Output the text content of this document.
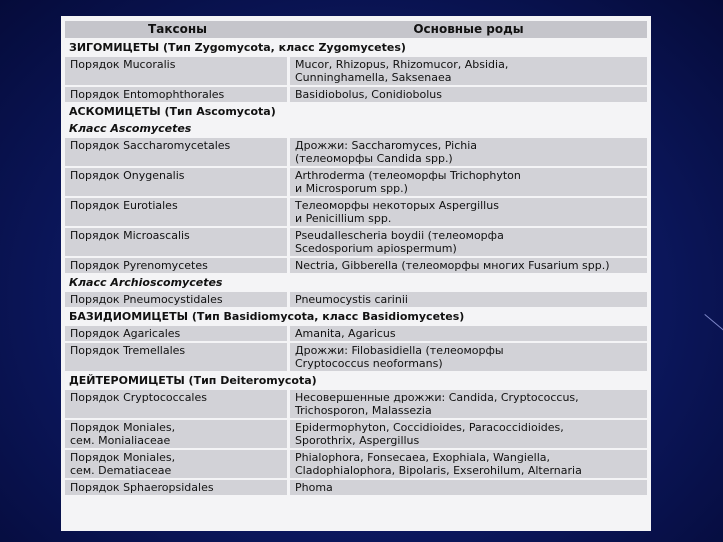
Таксоны	Основные роды
ЗИГОМИЦЕТЫ (Тип Zygomycota, класс Zygomycetes)	

Порядок Mucoralis	Mucor, Rhizopus, Rhizomucor, Absidia,
Cunninghamella, Saksenaea

Порядок Entomophthorales	Basidiobolus, Conidiobolus

АСКОМИЦЕТЫ (Тип Ascomycota)	
Класс Ascomycetes	

Порядок Saccharomycetales	Дрожжи: Saccharomyces, Pichia
(телеоморфы Candida spp.)

Порядок Onygenalis	Arthroderma (телеоморфы Trichophyton
и Microsporum spp.)

Порядок Eurotiales	Телеоморфы некоторых Aspergillus
и Penicillium spp.

Порядок Microascalis	Pseudallescheria boydii (телеоморфа
Scedosporium apiospermum)

Порядок Pyrenomycetes	Nectria, Gibberella (телеоморфы многих Fusarium spp.)

Класс Archioscomycetes	

Порядок Pneumocystidales	Pneumocystis carinii

БАЗИДИОМИЦЕТЫ (Тип Basidiomycota, класс Basidiomycetes)	

Порядок Agaricales	Amanita, Agaricus

Порядок Tremellales	Дрожжи: Filobasidiella (телеоморфы
Cryptococcus neoformans)

ДЕЙТЕРОМИЦЕТЫ (Тип Deiteromycota)	

Порядок Cryptococcales	Несовершенные дрожжи: Candida, Cryptococcus,
Trichosporon, Malassezia

Порядок Moniales,
сем. Monialiaceae	Epidermophyton, Coccidioides, Paracoccidioides,
Sporothrix, Aspergillus

Порядок Moniales,
сем. Dematiaceae	Phialophora, Fonsecaea, Exophiala, Wangiella,
Cladophialophora, Bipolaris, Exserohilum, Alternaria

Порядок Sphaeropsidales	Phoma
